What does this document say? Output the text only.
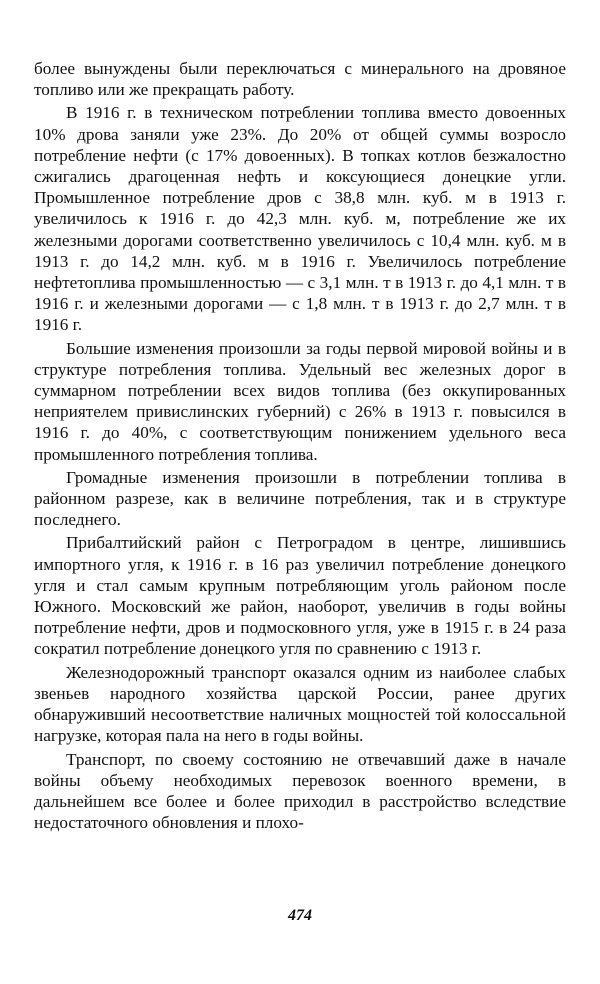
более вынуждены были переключаться с минерального на дровяное топливо или же прекращать работу.

В 1916 г. в техническом потреблении топлива вместо довоенных 10% дрова заняли уже 23%. До 20% от общей суммы возросло потребление нефти (с 17% довоенных). В топках котлов безжалостно сжигались драгоценная нефть и коксующиеся донецкие угли. Промышленное потребление дров с 38,8 млн. куб. м в 1913 г. увеличилось к 1916 г. до 42,3 млн. куб. м, потребление же их железными дорогами соответственно увеличилось с 10,4 млн. куб. м в 1913 г. до 14,2 млн. куб. м в 1916 г. Увеличилось потребление нефтетоплива промышленностью — с 3,1 млн. т в 1913 г. до 4,1 млн. т в 1916 г. и железными дорогами — с 1,8 млн. т в 1913 г. до 2,7 млн. т в 1916 г.

Большие изменения произошли за годы первой мировой войны и в структуре потребления топлива. Удельный вес железных дорог в суммарном потреблении всех видов топлива (без оккупированных неприятелем привислинских губерний) с 26% в 1913 г. повысился в 1916 г. до 40%, с соответствующим понижением удельного веса промышленного потребления топлива.

Громадные изменения произошли в потреблении топлива в районном разрезе, как в величине потребления, так и в структуре последнего.

Прибалтийский район с Петроградом в центре, лишившись импортного угля, к 1916 г. в 16 раз увеличил потребление донецкого угля и стал самым крупным потребляющим уголь районом после Южного. Московский же район, наоборот, увеличив в годы войны потребление нефти, дров и подмосковного угля, уже в 1915 г. в 24 раза сократил потребление донецкого угля по сравнению с 1913 г.

Железнодорожный транспорт оказался одним из наиболее слабых звеньев народного хозяйства царской России, ранее других обнаруживший несоответствие наличных мощностей той колоссальной нагрузке, которая пала на него в годы войны.

Транспорт, по своему состоянию не отвечавший даже в начале войны объему необходимых перевозок военного времени, в дальнейшем все более и более приходил в расстройство вследствие недостаточного обновления и плохо-

474
